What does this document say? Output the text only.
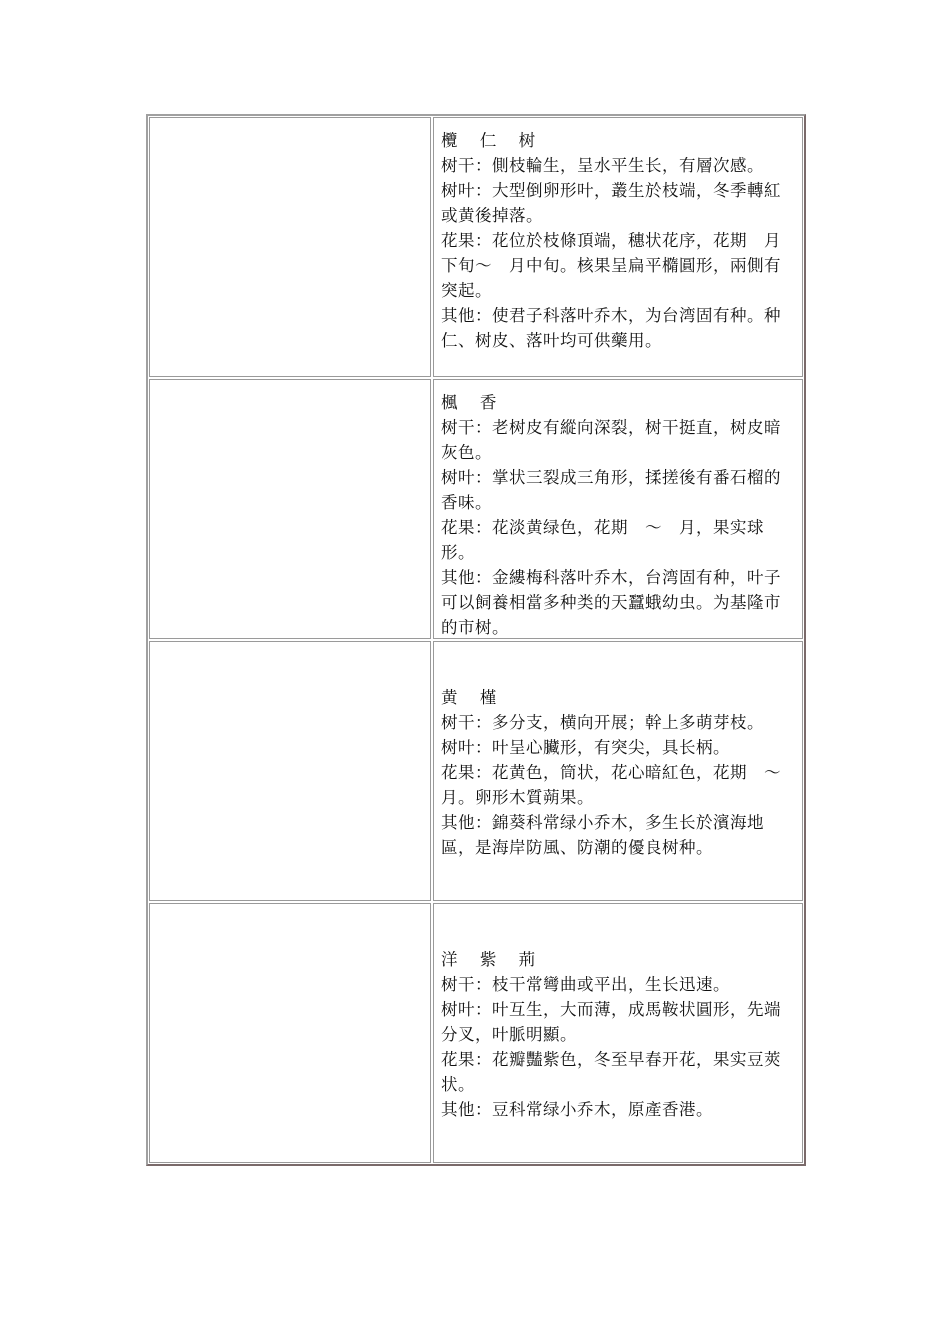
欖 仁 树
树干：側枝輪生，呈水平生长，有層次感。
树叶：大型倒卵形叶，叢生於枝端，冬季轉紅或黄後掉落。
花果：花位於枝條頂端，穗状花序，花期　月下旬～　月中旬。核果呈扁平橢圓形，兩側有突起。
其他：使君子科落叶乔木，为台湾固有种。种仁、树皮、落叶均可供藥用。
楓 香
树干：老树皮有縱向深裂，树干挺直，树皮暗灰色。
树叶：掌状三裂成三角形，揉搓後有番石榴的香味。
花果：花淡黄绿色，花期　～　月，果实球形。
其他：金縷梅科落叶乔木，台湾固有种，叶子可以飼養相當多种类的天蠶蛾幼虫。为基隆市的市树。
黄 槿
树干：多分支，横向开展；幹上多萌芽枝。
树叶：叶呈心臟形，有突尖，具长柄。
花果：花黄色，筒状，花心暗紅色，花期　～　月。卵形木質蒴果。
其他：錦葵科常绿小乔木，多生长於濱海地區，是海岸防風、防潮的優良树种。
洋 紫 荊
树干：枝干常彎曲或平出，生长迅速。
树叶：叶互生，大而薄，成馬鞍状圓形，先端分叉，叶脈明顯。
花果：花瓣豔紫色，冬至早春开花，果实豆莢状。
其他：豆科常绿小乔木，原產香港。
